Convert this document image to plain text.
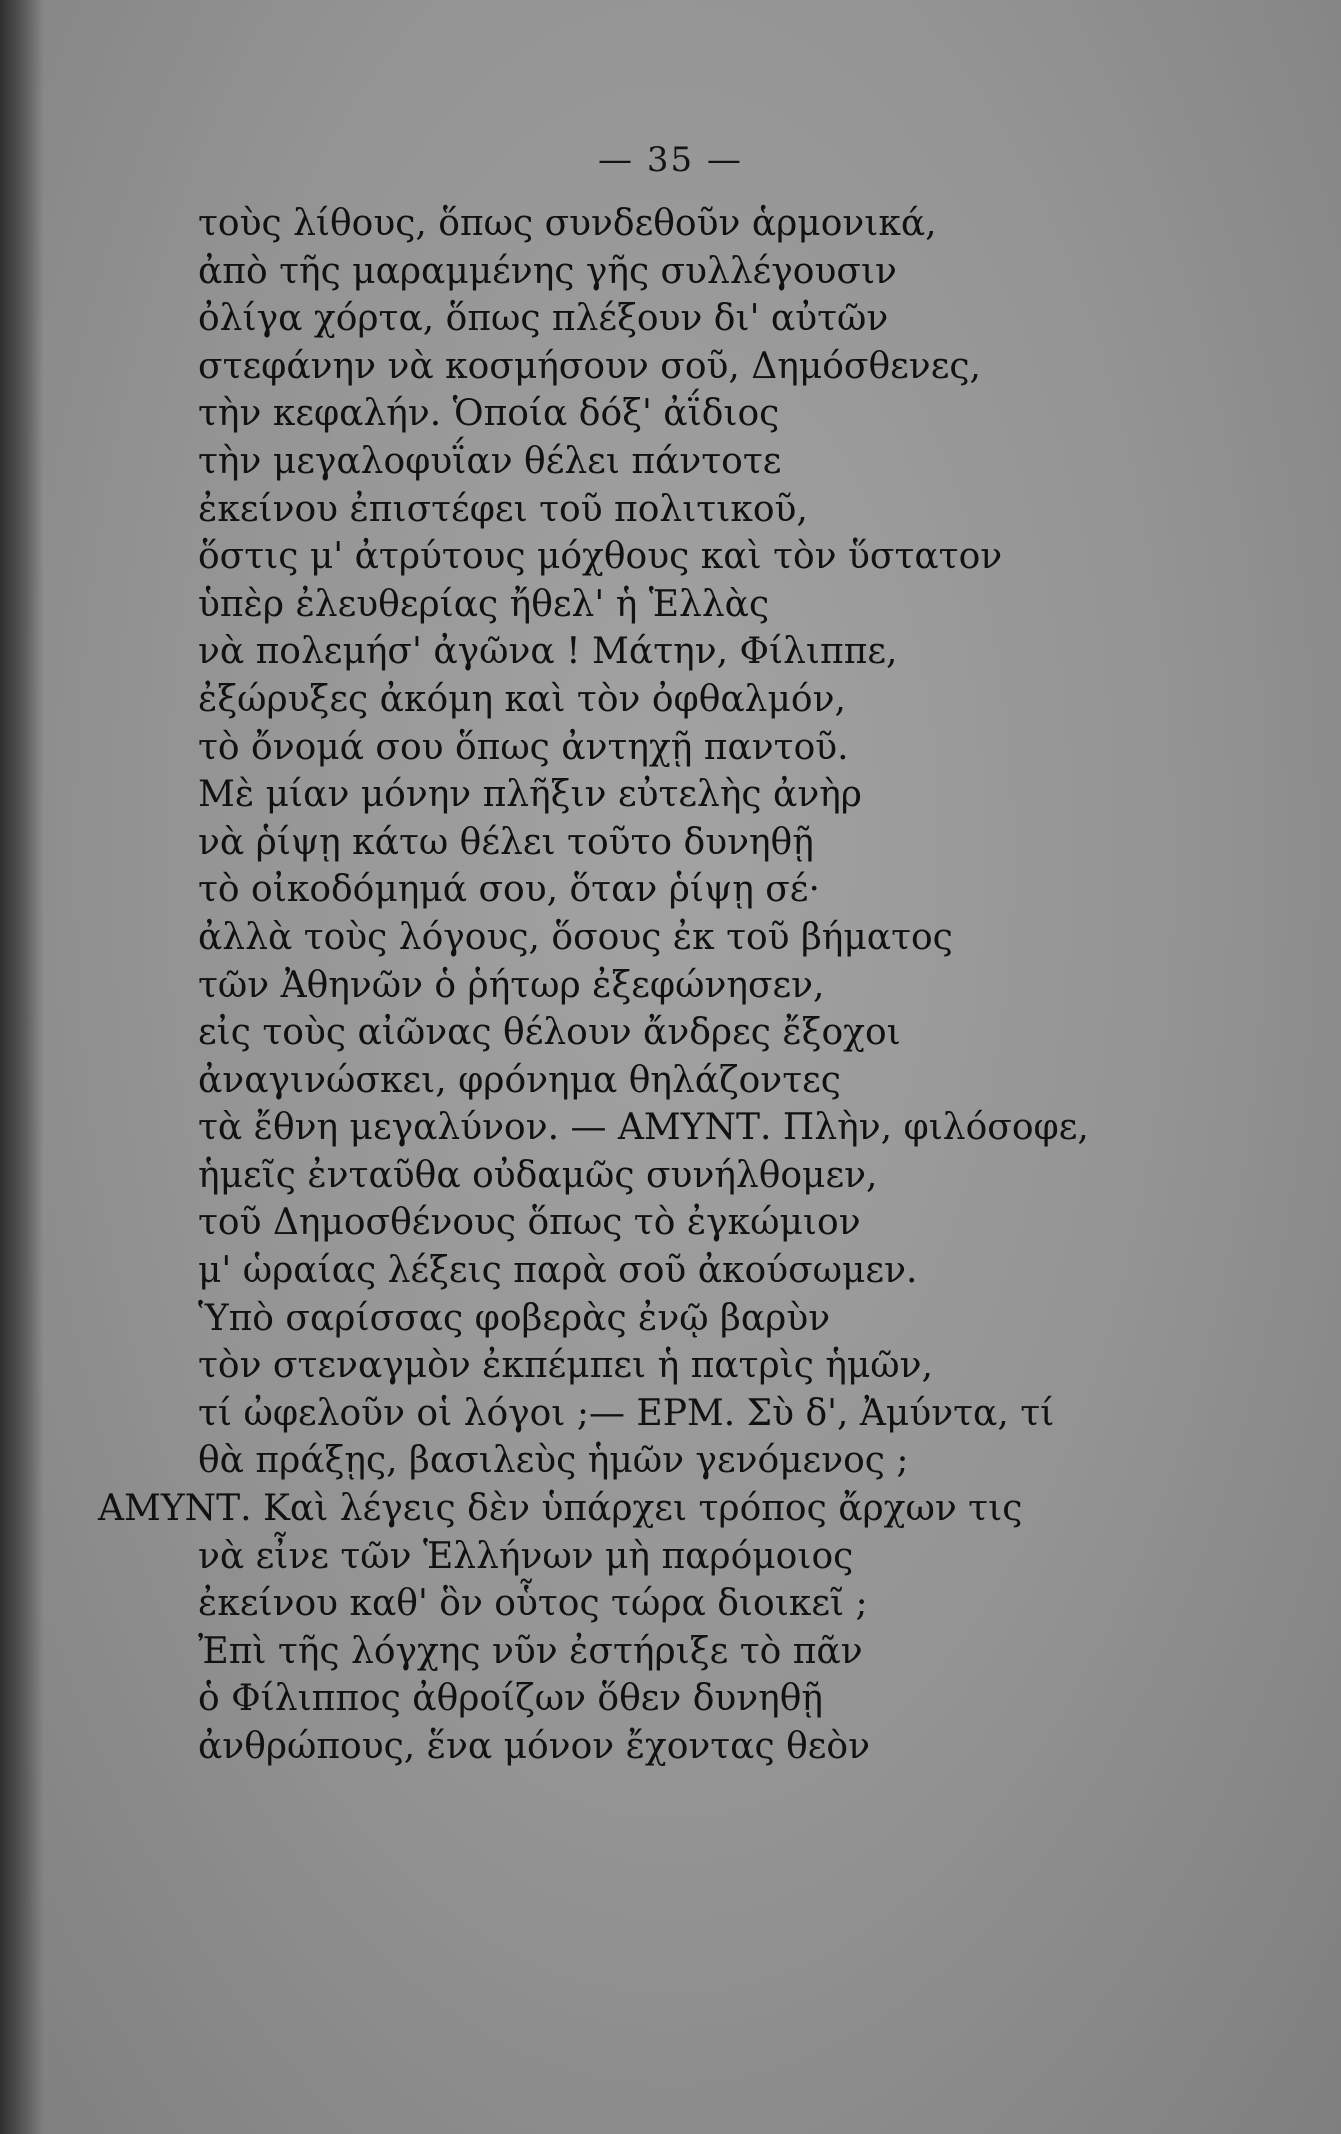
— 35 —
τοὺς λίθους, ὅπως συνδεθοῦν ἁρμονικά,
ἀπὸ τῆς μαραμμένης γῆς συλλέγουσιν
ὀλίγα χόρτα, ὅπως πλέξουν δι' αὐτῶν
στεφάνην νὰ κοσμήσουν σοῦ, Δημόσθενες,
τὴν κεφαλήν. Ὁποία δόξ' ἀΐδιος
τὴν μεγαλοφυΐαν θέλει πάντοτε
ἐκείνου ἐπιστέφει τοῦ πολιτικοῦ,
ὅστις μ' ἀτρύτους μόχθους καὶ τὸν ὕστατον
ὑπὲρ ἐλευθερίας ἤθελ' ἡ Ἑλλὰς
νὰ πολεμήσ' ἀγῶνα ! Μάτην, Φίλιππε,
ἐξώρυξες ἀκόμη καὶ τὸν ὀφθαλμόν,
τὸ ὄνομά σου ὅπως ἀντηχῇ παντοῦ.
Μὲ μίαν μόνην πλῆξιν εὐτελὴς ἀνὴρ
νὰ ῥίψῃ κάτω θέλει τοῦτο δυνηθῇ
τὸ οἰκοδόμημά σου, ὅταν ῥίψῃ σέ·
ἀλλὰ τοὺς λόγους, ὅσους ἐκ τοῦ βήματος
τῶν Ἀθηνῶν ὁ ῥήτωρ ἐξεφώνησεν,
εἰς τοὺς αἰῶνας θέλουν ἄνδρες ἔξοχοι
ἀναγινώσκει, φρόνημα θηλάζοντες
τὰ ἔθνη μεγαλύνον. — ΑΜΥΝΤ. Πλὴν, φιλόσοφε,
ἡμεῖς ἐνταῦθα οὐδαμῶς συνήλθομεν,
τοῦ Δημοσθένους ὅπως τὸ ἐγκώμιον
μ' ὡραίας λέξεις παρὰ σοῦ ἀκούσωμεν.
Ὑπὸ σαρίσσας φοβερὰς ἐνῷ βαρὺν
τὸν στεναγμὸν ἐκπέμπει ἡ πατρὶς ἡμῶν,
τί ὠφελοῦν οἱ λόγοι ;— ΕΡΜ. Σὺ δ', Ἀμύντα, τί
θὰ πράξῃς, βασιλεὺς ἡμῶν γενόμενος ;
ΑΜΥΝΤ. Καὶ λέγεις δὲν ὑπάρχει τρόπος ἄρχων τις
νὰ εἶνε τῶν Ἑλλήνων μὴ παρόμοιος
ἐκείνου καθ' ὃν οὗτος τώρα διοικεῖ ;
Ἐπὶ τῆς λόγχης νῦν ἐστήριξε τὸ πᾶν
ὁ Φίλιππος ἀθροίζων ὅθεν δυνηθῇ
ἀνθρώπους, ἕνα μόνον ἔχοντας θεὸν
